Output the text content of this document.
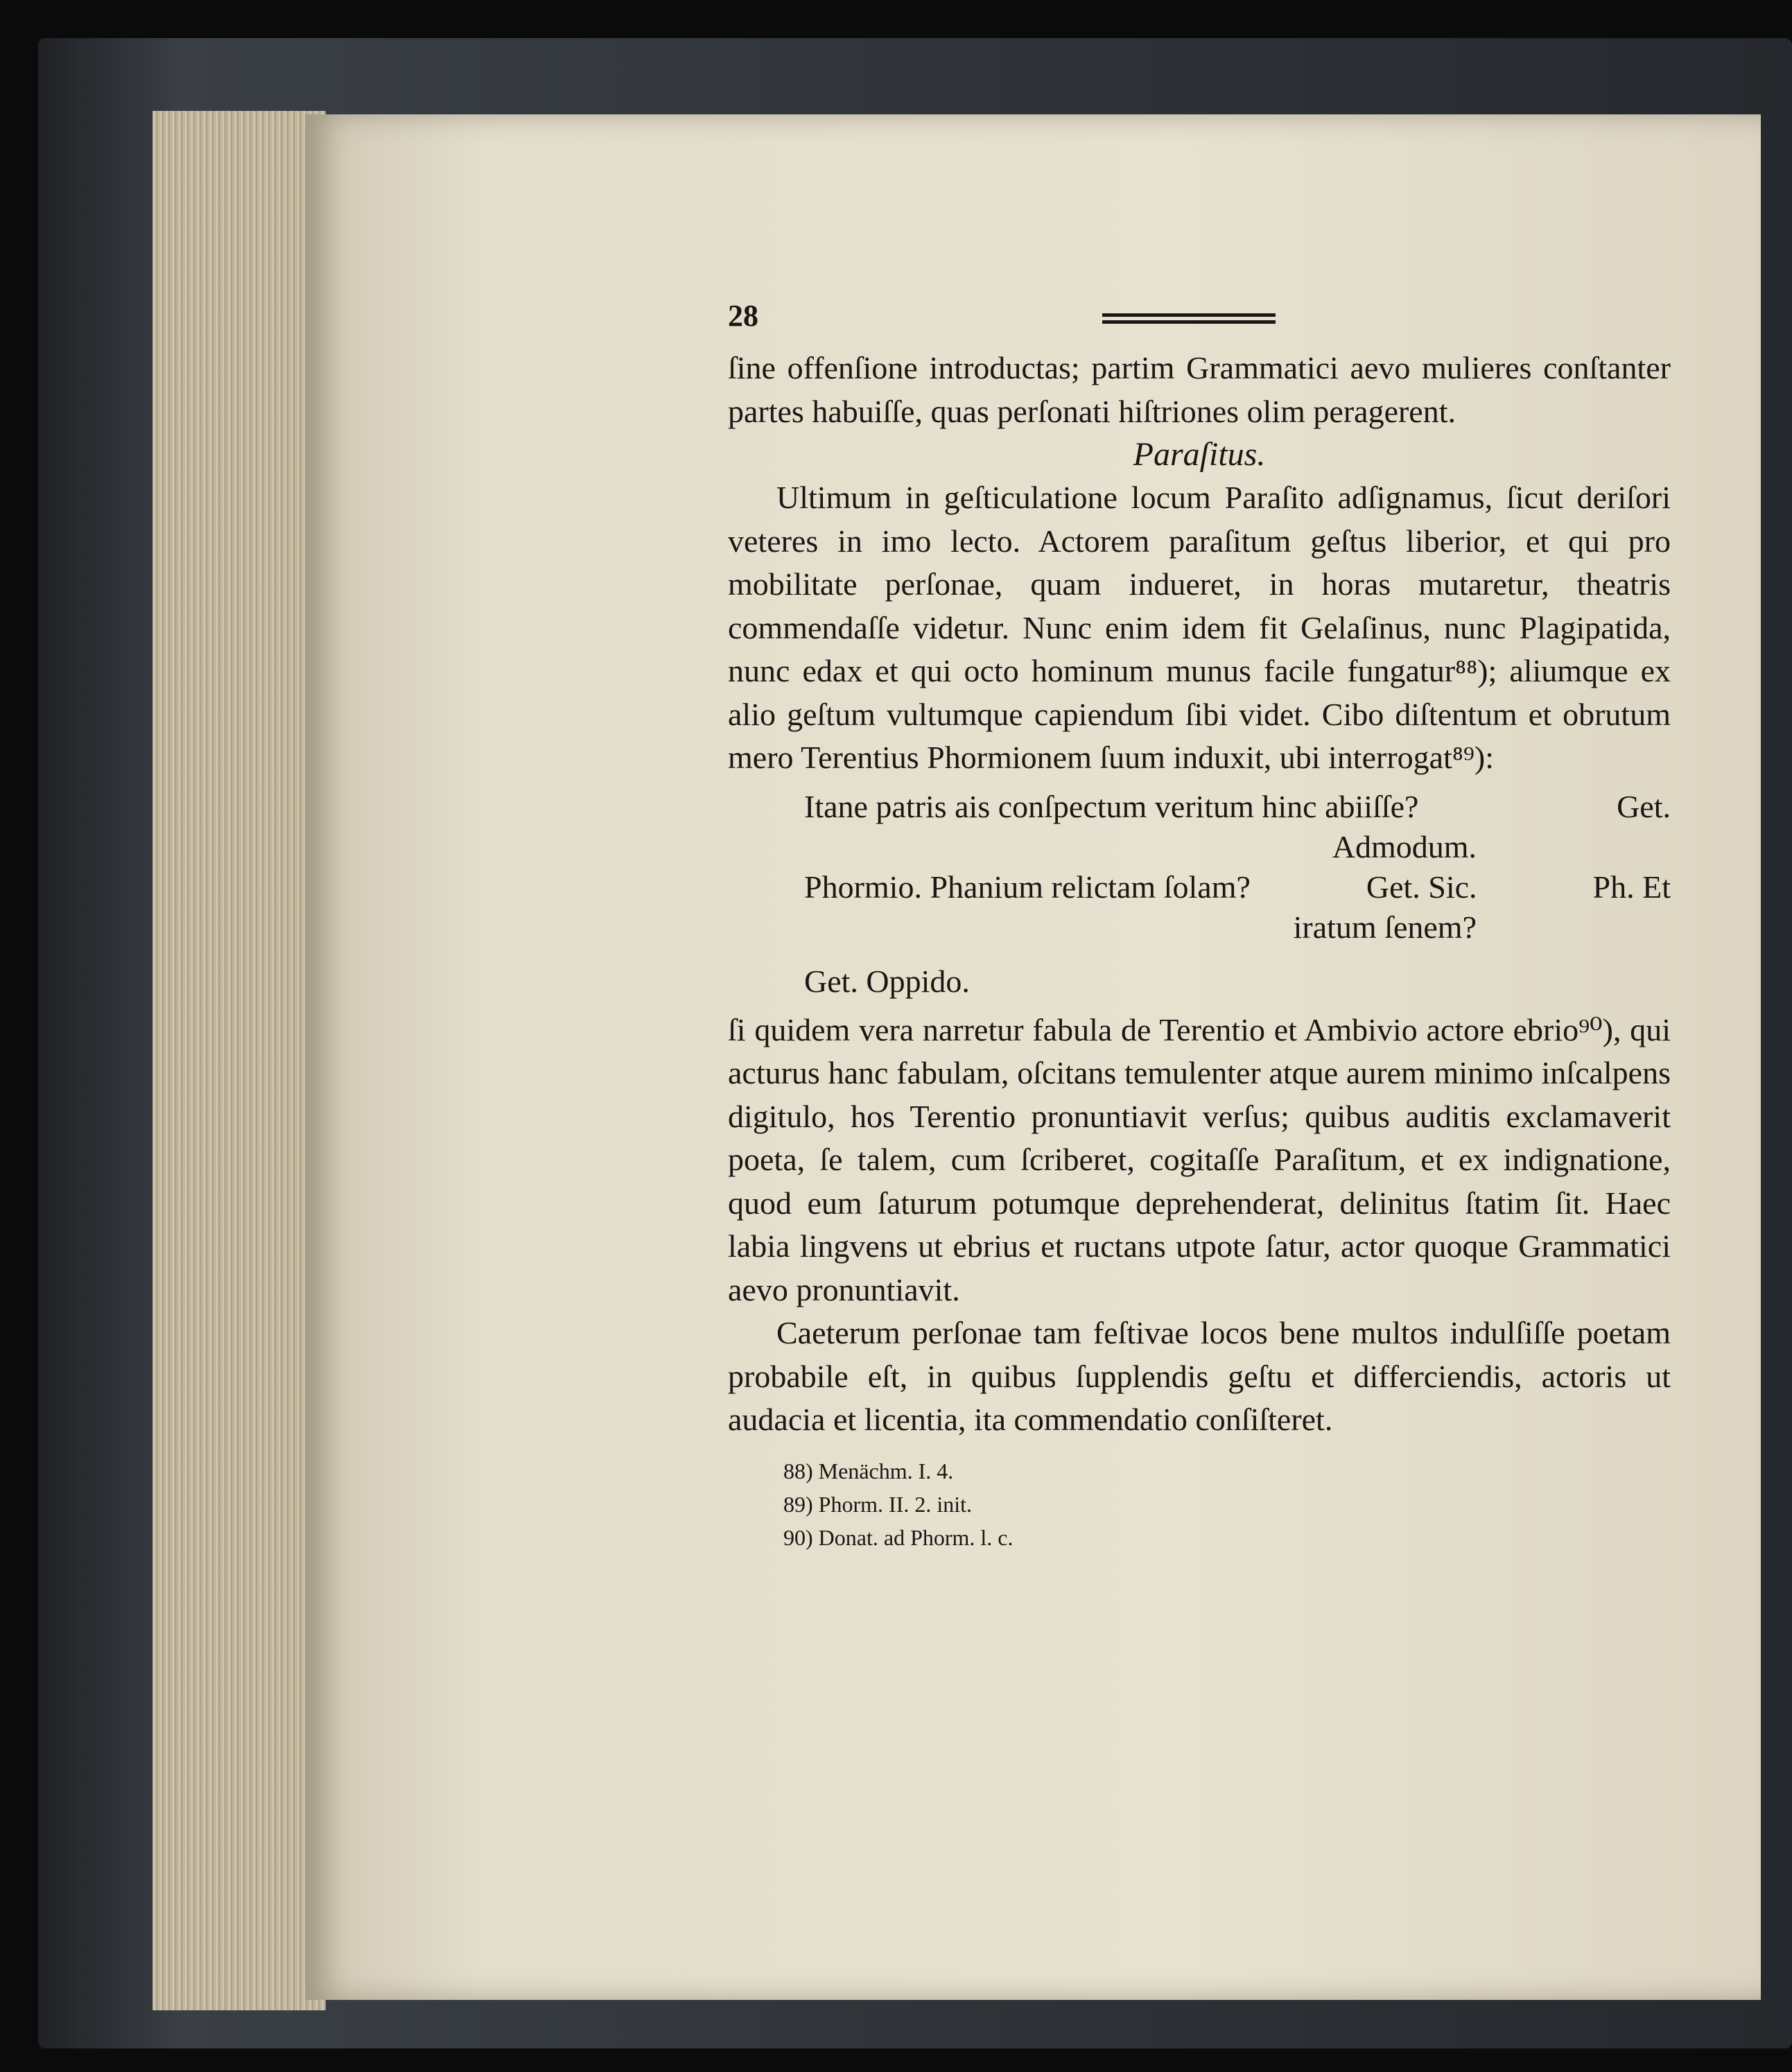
28

ſine offenſione introductas; partim Grammatici aevo mulieres conſtanter partes habuiſſe, quas perſonati hiſtriones olim peragerent.

Paraſitus.

Ultimum in geſticulatione locum Paraſito adſignamus, ſicut deriſori veteres in imo lecto. Actorem paraſitum geſtus liberior, et qui pro mobilitate perſonae, quam indueret, in horas mutaretur, theatris commendaſſe videtur. Nunc enim idem fit Gelaſinus, nunc Plagipatida, nunc edax et qui octo hominum munus facile fungatur⁸⁸); aliumque ex alio geſtum vultumque capiendum ſibi videt. Cibo diſtentum et obrutum mero Terentius Phormionem ſuum induxit, ubi interrogat⁸⁹):

Itane patris ais conſpectum veritum hinc abiiſſe?	Get.
Admodum.
Phormio. Phanium relictam ſolam?	Get. Sic.	Ph. Et
iratum ſenem?
Get. Oppido.

ſi quidem vera narretur fabula de Terentio et Ambivio actore ebrio⁹⁰), qui acturus hanc fabulam, oſcitans temulenter atque aurem minimo inſcalpens digitulo, hos Terentio pronuntiavit verſus; quibus auditis exclamaverit poeta, ſe talem, cum ſcriberet, cogitaſſe Paraſitum, et ex indignatione, quod eum ſaturum potumque deprehenderat, delinitus ſtatim ſit. Haec labia lingvens ut ebrius et ructans utpote ſatur, actor quoque Grammatici aevo pronuntiavit.

Caeterum perſonae tam feſtivae locos bene multos indulſiſſe poetam probabile eſt, in quibus ſupplendis geſtu et differciendis, actoris ut audacia et licentia, ita commendatio conſiſteret.

88) Menächm. I. 4.
89) Phorm. II. 2. init.
90) Donat. ad Phorm. l. c.
